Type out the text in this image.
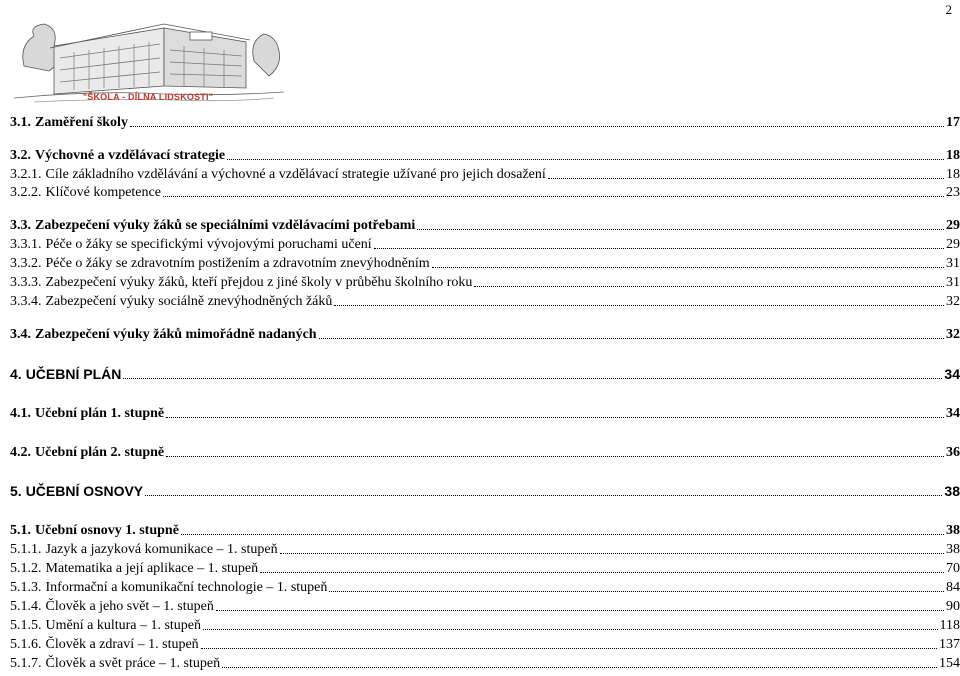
2
"ŠKOLA - DÍLNA LIDSKOSTI"
3.1. Zaměření školy	17
3.2. Výchovné a vzdělávací strategie	18
3.2.1. Cíle základního vzdělávání a výchovné a vzdělávací strategie užívané pro jejich dosažení	18
3.2.2. Klíčové kompetence	23
3.3. Zabezpečení výuky žáků se speciálními vzdělávacími potřebami	29
3.3.1. Péče o žáky se specifickými vývojovými poruchami učení	29
3.3.2. Péče o žáky se zdravotním postižením a zdravotním znevýhodněním	31
3.3.3. Zabezpečení výuky žáků, kteří přejdou z jiné školy v průběhu školního roku	31
3.3.4. Zabezpečení výuky sociálně znevýhodněných žáků	32
3.4. Zabezpečení výuky žáků mimořádně nadaných	32
4. UČEBNÍ PLÁN	34
4.1. Učební plán 1. stupně	34
4.2. Učební plán 2. stupně	36
5. UČEBNÍ OSNOVY	38
5.1. Učební osnovy 1. stupně	38
5.1.1. Jazyk a jazyková komunikace – 1. stupeň	38
5.1.2. Matematika a její aplikace – 1. stupeň	70
5.1.3. Informační a komunikační technologie – 1. stupeň	84
5.1.4. Člověk a jeho svět – 1. stupeň	90
5.1.5. Umění a kultura – 1. stupeň	118
5.1.6. Člověk a zdraví – 1. stupeň	137
5.1.7. Člověk a svět práce – 1. stupeň	154
